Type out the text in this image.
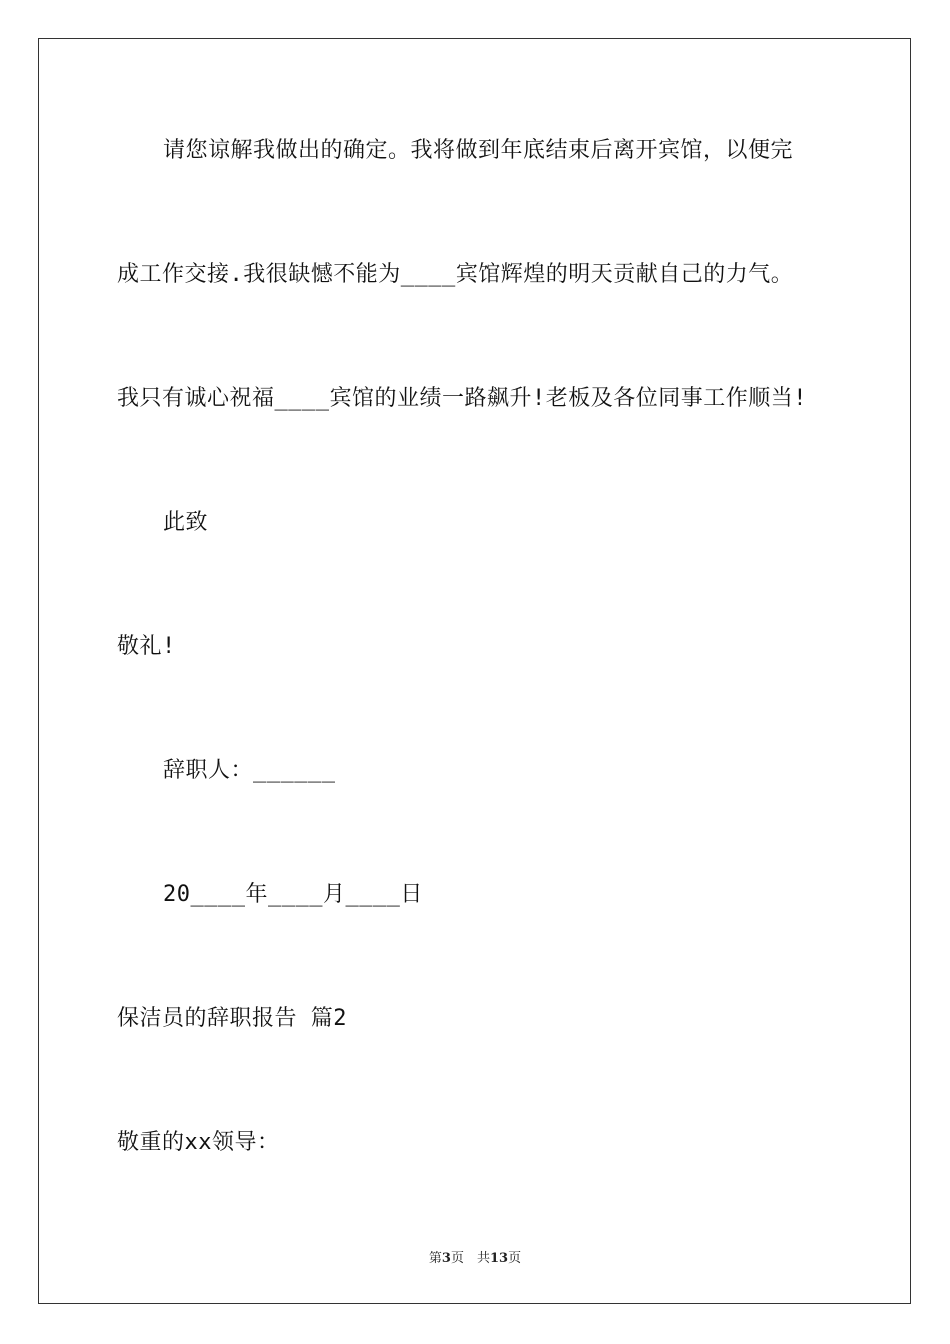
请您谅解我做出的确定。我将做到年底结束后离开宾馆，以便完
成工作交接.我很缺憾不能为____宾馆辉煌的明天贡献自己的力气。
我只有诚心祝福____宾馆的业绩一路飙升!老板及各位同事工作顺当!
此致
敬礼!
辞职人：______
20____年____月____日
保洁员的辞职报告 篇2
敬重的xx领导：
第3页　共13页
